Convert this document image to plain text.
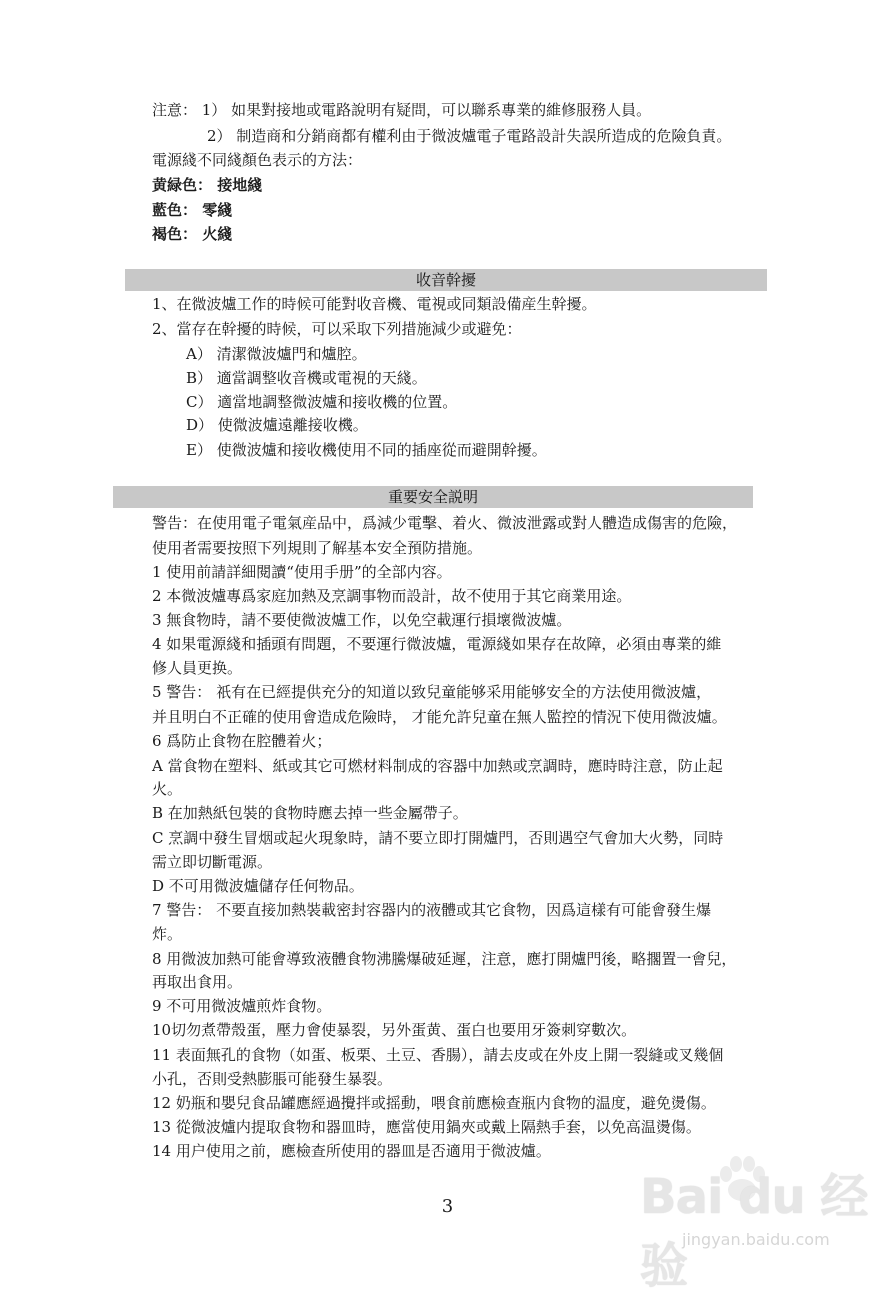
注意： 1） 如果對接地或電路說明有疑問，可以聯系專業的維修服務人員。
2） 制造商和分銷商都有權利由于微波爐電子電路設計失誤所造成的危險負責。
電源綫不同綫顏色表示的方法：
黄緑色： 接地綫
藍色： 零綫
褐色： 火綫
收音幹擾
1、在微波爐工作的時候可能對收音機、電視或同類設備産生幹擾。
2、當存在幹擾的時候，可以采取下列措施減少或避免：
A） 清潔微波爐門和爐腔。
B） 適當調整收音機或電視的天綫。
C） 適當地調整微波爐和接收機的位置。
D） 使微波爐遠離接收機。
E） 使微波爐和接收機使用不同的插座從而避開幹擾。
重要安全説明
警告：在使用電子電氣産品中，爲減少電擊、着火、微波泄露或對人體造成傷害的危險，
使用者需要按照下列規則了解基本安全預防措施。
1 使用前請詳細閱讀“使用手册”的全部内容。
2 本微波爐專爲家庭加熱及烹調事物而設計，故不使用于其它商業用途。
3 無食物時，請不要使微波爐工作，以免空載運行損壞微波爐。
4 如果電源綫和插頭有問題，不要運行微波爐，電源綫如果存在故障，必須由專業的維
修人員更换。
5 警告： 祇有在已經提供充分的知道以致兒童能够采用能够安全的方法使用微波爐，
并且明白不正確的使用會造成危險時， 才能允許兒童在無人監控的情況下使用微波爐。
6 爲防止食物在腔體着火；
A 當食物在塑料、紙或其它可燃材料制成的容器中加熱或烹調時，應時時注意，防止起
火。
B 在加熱紙包裝的食物時應去掉一些金屬帶子。
C 烹調中發生冒烟或起火現象時，請不要立即打開爐門，否則遇空气會加大火勢，同時
需立即切斷電源。
D 不可用微波爐儲存任何物品。
7 警告： 不要直接加熱裝載密封容器内的液體或其它食物，因爲這樣有可能會發生爆
炸。
8 用微波加熱可能會導致液體食物沸騰爆破延遲，注意，應打開爐門後，略擱置一會兒，
再取出食用。
9 不可用微波爐煎炸食物。
10切勿煮帶殼蛋，壓力會使暴裂，另外蛋黄、蛋白也要用牙簽刺穿數次。
11 表面無孔的食物（如蛋、板栗、土豆、香腸），請去皮或在外皮上開一裂縫或叉幾個
小孔，否則受熱膨脹可能發生暴裂。
12 奶瓶和嬰兒食品罐應經過攪拌或摇動，喂食前應檢查瓶内食物的温度，避免燙傷。
13 從微波爐内提取食物和器皿時，應當使用鍋夾或戴上隔熱手套，以免高温燙傷。
14 用户使用之前，應檢查所使用的器皿是否適用于微波爐。
3	Bai du 经验
jingyan.baidu.com
